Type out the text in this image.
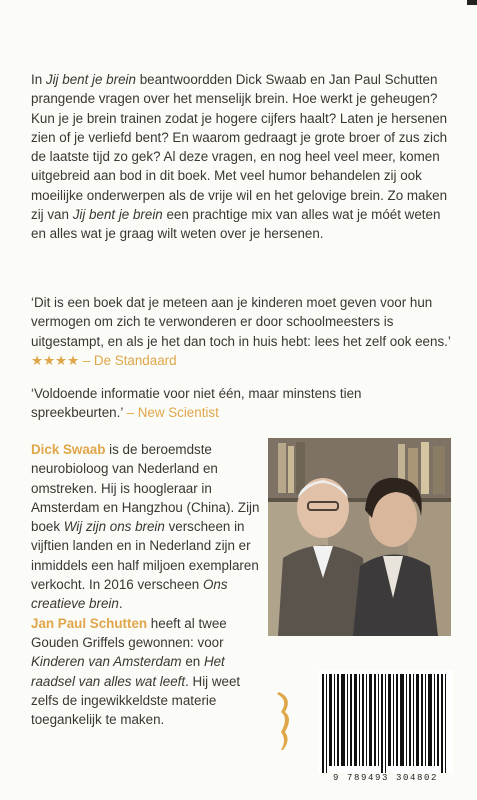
In Jij bent je brein beantwoordden Dick Swaab en Jan Paul Schutten prangende vragen over het menselijk brein. Hoe werkt je geheugen? Kun je je brein trainen zodat je hogere cijfers haalt? Laten je hersenen zien of je verliefd bent? En waarom gedraagt je grote broer of zus zich de laatste tijd zo gek? Al deze vragen, en nog heel veel meer, komen uitgebreid aan bod in dit boek. Met veel humor behandelen zij ook moeilijke onderwerpen als de vrije wil en het gelovige brein. Zo maken zij van Jij bent je brein een prachtige mix van alles wat je móét weten en alles wat je graag wilt weten over je hersenen.

‘Dit is een boek dat je meteen aan je kinderen moet geven voor hun vermogen om zich te verwonderen er door schoolmeesters is uitgestampt, en als je het dan toch in huis hebt: lees het zelf ook eens.’ ★★★★ – De Standaard

‘Voldoende informatie voor niet één, maar minstens tien spreekbeurten.’ – New Scientist

Dick Swaab is de beroemdste neurobioloog van Nederland en omstreken. Hij is hoogleraar in Amsterdam en Hangzhou (China). Zijn boek Wij zijn ons brein verscheen in vijftien landen en in Nederland zijn er inmiddels een half miljoen exemplaren verkocht. In 2016 verscheen Ons creatieve brein.
Jan Paul Schutten heeft al twee Gouden Griffels gewonnen: voor Kinderen van Amsterdam en Het raadsel van alles wat leeft. Hij weet zelfs de ingewikkeldste materie toegankelijk te maken.
9 789493 304802
